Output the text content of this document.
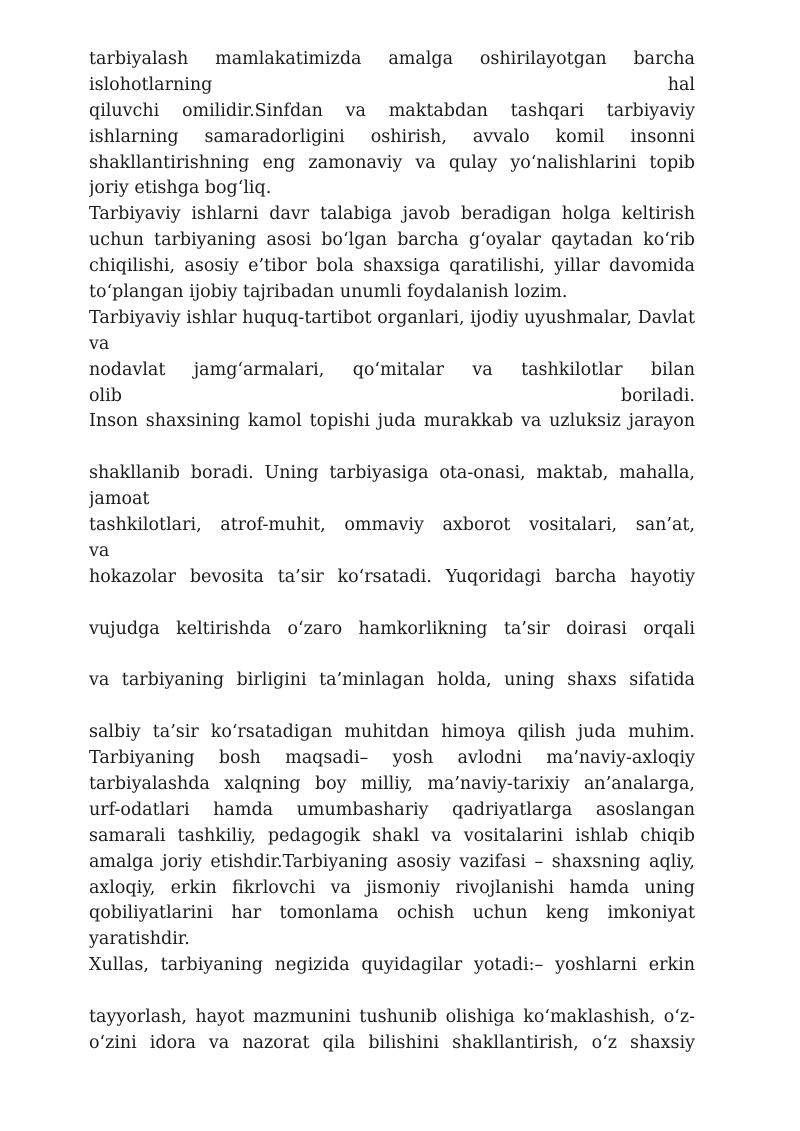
tarbiyalash mamlakatimizda amalga oshirilayotgan barcha
islohotlarning hal
qiluvchi omilidir.Sinfdan va maktabdan tashqari tarbiyaviy
ishlarning samaradorligini oshirish, avvalo komil insonni
shakllantirishning eng zamonaviy va qulay yo‘nalishlarini topib
joriy etishga bog‘liq.
Tarbiyaviy ishlarni davr talabiga javob beradigan holga keltirish
uchun tarbiyaning asosi bo‘lgan barcha g‘oyalar qaytadan ko‘rib
chiqilishi, asosiy e’tibor bola shaxsiga qaratilishi, yillar davomida
to‘plangan ijobiy tajribadan unumli foydalanish lozim.
Tarbiyaviy ishlar huquq-tartibot organlari, ijodiy uyushmalar, Davlat
va
nodavlat jamg‘armalari, qo‘mitalar va tashkilotlar bilan
olib boriladi.
Inson shaxsining kamol topishi juda murakkab va uzluksiz jarayon
shakllanib boradi. Uning tarbiyasiga ota-onasi, maktab, mahalla,
jamoat
tashkilotlari, atrof-muhit, ommaviy axborot vositalari, san’at,
va
hokazolar bevosita ta’sir ko‘rsatadi. Yuqoridagi barcha hayotiy
vujudga keltirishda o‘zaro hamkorlikning ta’sir doirasi orqali
va tarbiyaning birligini ta’minlagan holda, uning shaxs sifatida
salbiy ta’sir ko‘rsatadigan muhitdan himoya qilish juda muhim.
Tarbiyaning bosh maqsadi– yosh avlodni ma’naviy-axloqiy
tarbiyalashda xalqning boy milliy, ma’naviy-tarixiy an’analarga,
urf-odatlari hamda umumbashariy qadriyatlarga asoslangan
samarali tashkiliy, pedagogik shakl va vositalarini ishlab chiqib
amalga joriy etishdir.Tarbiyaning asosiy vazifasi – shaxsning aqliy,
axloqiy, erkin fikrlovchi va jismoniy rivojlanishi hamda uning
qobiliyatlarini har tomonlama ochish uchun keng imkoniyat
yaratishdir.
Xullas, tarbiyaning negizida quyidagilar yotadi:– yoshlarni erkin
tayyorlash, hayot mazmunini tushunib olishiga ko‘maklashish, o‘z-
o‘zini idora va nazorat qila bilishini shakllantirish, o‘z shaxsiy
